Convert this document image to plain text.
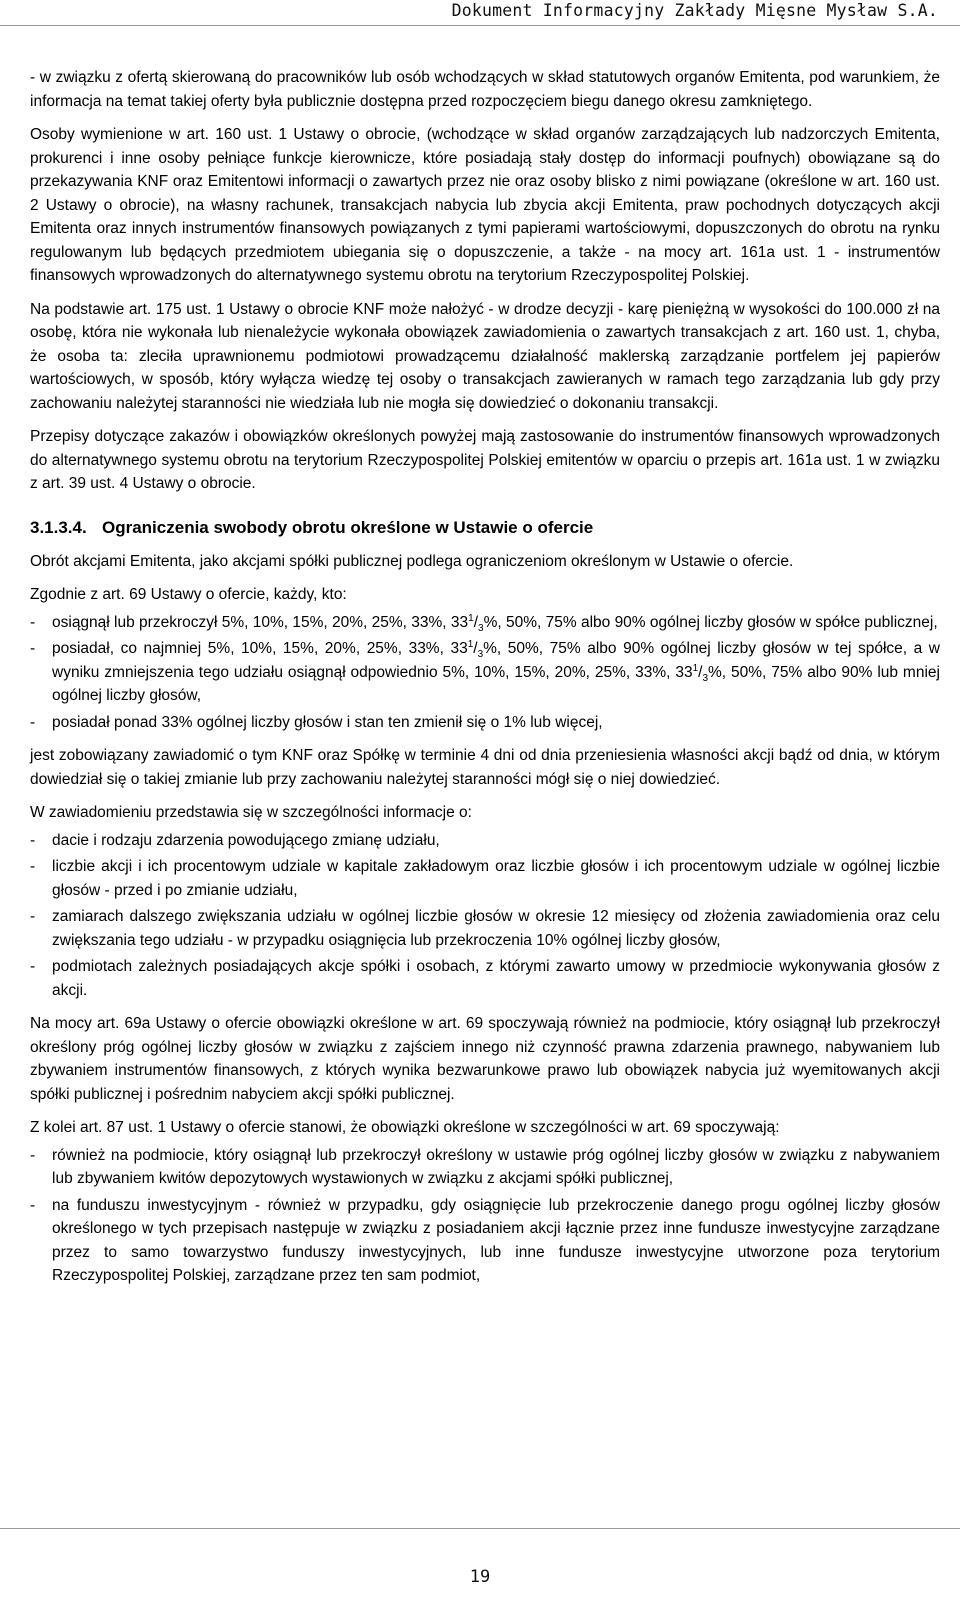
Dokument Informacyjny Zakłady Mięsne Mysław S.A.

- w związku z ofertą skierowaną do pracowników lub osób wchodzących w skład statutowych organów Emitenta, pod warunkiem, że informacja na temat takiej oferty była publicznie dostępna przed rozpoczęciem biegu danego okresu zamkniętego.

Osoby wymienione w art. 160 ust. 1 Ustawy o obrocie, (wchodzące w skład organów zarządzających lub nadzorczych Emitenta, prokurenci i inne osoby pełniące funkcje kierownicze, które posiadają stały dostęp do informacji poufnych) obowiązane są do przekazywania KNF oraz Emitentowi informacji o zawartych przez nie oraz osoby blisko z nimi powiązane (określone w art. 160 ust. 2 Ustawy o obrocie), na własny rachunek, transakcjach nabycia lub zbycia akcji Emitenta, praw pochodnych dotyczących akcji Emitenta oraz innych instrumentów finansowych powiązanych z tymi papierami wartościowymi, dopuszczonych do obrotu na rynku regulowanym lub będących przedmiotem ubiegania się o dopuszczenie, a także - na mocy art. 161a ust. 1 - instrumentów finansowych wprowadzonych do alternatywnego systemu obrotu na terytorium Rzeczypospolitej Polskiej.

Na podstawie art. 175 ust. 1 Ustawy o obrocie KNF może nałożyć - w drodze decyzji - karę pieniężną w wysokości do 100.000 zł na osobę, która nie wykonała lub nienależycie wykonała obowiązek zawiadomienia o zawartych transakcjach z art. 160 ust. 1, chyba, że osoba ta: zleciła uprawnionemu podmiotowi prowadzącemu działalność maklerską zarządzanie portfelem jej papierów wartościowych, w sposób, który wyłącza wiedzę tej osoby o transakcjach zawieranych w ramach tego zarządzania lub gdy przy zachowaniu należytej staranności nie wiedziała lub nie mogła się dowiedzieć o dokonaniu transakcji.

Przepisy dotyczące zakazów i obowiązków określonych powyżej mają zastosowanie do instrumentów finansowych wprowadzonych do alternatywnego systemu obrotu na terytorium Rzeczypospolitej Polskiej emitentów w oparciu o przepis art. 161a ust. 1 w związku z art. 39 ust. 4 Ustawy o obrocie.

3.1.3.4. Ograniczenia swobody obrotu określone w Ustawie o ofercie

Obrót akcjami Emitenta, jako akcjami spółki publicznej podlega ograniczeniom określonym w Ustawie o ofercie.

Zgodnie z art. 69 Ustawy o ofercie, każdy, kto:

- osiągnął lub przekroczył 5%, 10%, 15%, 20%, 25%, 33%, $33^1/_3\%$, 50%, 75% albo 90% ogólnej liczby głosów w spółce publicznej,
- posiadał, co najmniej 5%, 10%, 15%, 20%, 25%, 33%, $33^1/_3\%$, 50%, 75% albo 90% ogólnej liczby głosów w tej spółce, a w wyniku zmniejszenia tego udziału osiągnął odpowiednio 5%, 10%, 15%, 20%, 25%, 33%, $33^1/_3\%$, 50%, 75% albo 90% lub mniej ogólnej liczby głosów,
- posiadał ponad 33% ogólnej liczby głosów i stan ten zmienił się o 1% lub więcej,

jest zobowiązany zawiadomić o tym KNF oraz Spółkę w terminie 4 dni od dnia przeniesienia własności akcji bądź od dnia, w którym dowiedział się o takiej zmianie lub przy zachowaniu należytej staranności mógł się o niej dowiedzieć.

W zawiadomieniu przedstawia się w szczególności informacje o:

- dacie i rodzaju zdarzenia powodującego zmianę udziału,
- liczbie akcji i ich procentowym udziale w kapitale zakładowym oraz liczbie głosów i ich procentowym udziale w ogólnej liczbie głosów - przed i po zmianie udziału,
- zamiarach dalszego zwiększania udziału w ogólnej liczbie głosów w okresie 12 miesięcy od złożenia zawiadomienia oraz celu zwiększania tego udziału - w przypadku osiągnięcia lub przekroczenia 10% ogólnej liczby głosów,
- podmiotach zależnych posiadających akcje spółki i osobach, z którymi zawarto umowy w przedmiocie wykonywania głosów z akcji.

Na mocy art. 69a Ustawy o ofercie obowiązki określone w art. 69 spoczywają również na podmiocie, który osiągnął lub przekroczył określony próg ogólnej liczby głosów w związku z zajściem innego niż czynność prawna zdarzenia prawnego, nabywaniem lub zbywaniem instrumentów finansowych, z których wynika bezwarunkowe prawo lub obowiązek nabycia już wyemitowanych akcji spółki publicznej i pośrednim nabyciem akcji spółki publicznej.

Z kolei art. 87 ust. 1 Ustawy o ofercie stanowi, że obowiązki określone w szczególności w art. 69 spoczywają:

- również na podmiocie, który osiągnął lub przekroczył określony w ustawie próg ogólnej liczby głosów w związku z nabywaniem lub zbywaniem kwitów depozytowych wystawionych w związku z akcjami spółki publicznej,
- na funduszu inwestycyjnym - również w przypadku, gdy osiągnięcie lub przekroczenie danego progu ogólnej liczby głosów określonego w tych przepisach następuje w związku z posiadaniem akcji łącznie przez inne fundusze inwestycyjne zarządzane przez to samo towarzystwo funduszy inwestycyjnych, lub inne fundusze inwestycyjne utworzone poza terytorium Rzeczypospolitej Polskiej, zarządzane przez ten sam podmiot,
19
